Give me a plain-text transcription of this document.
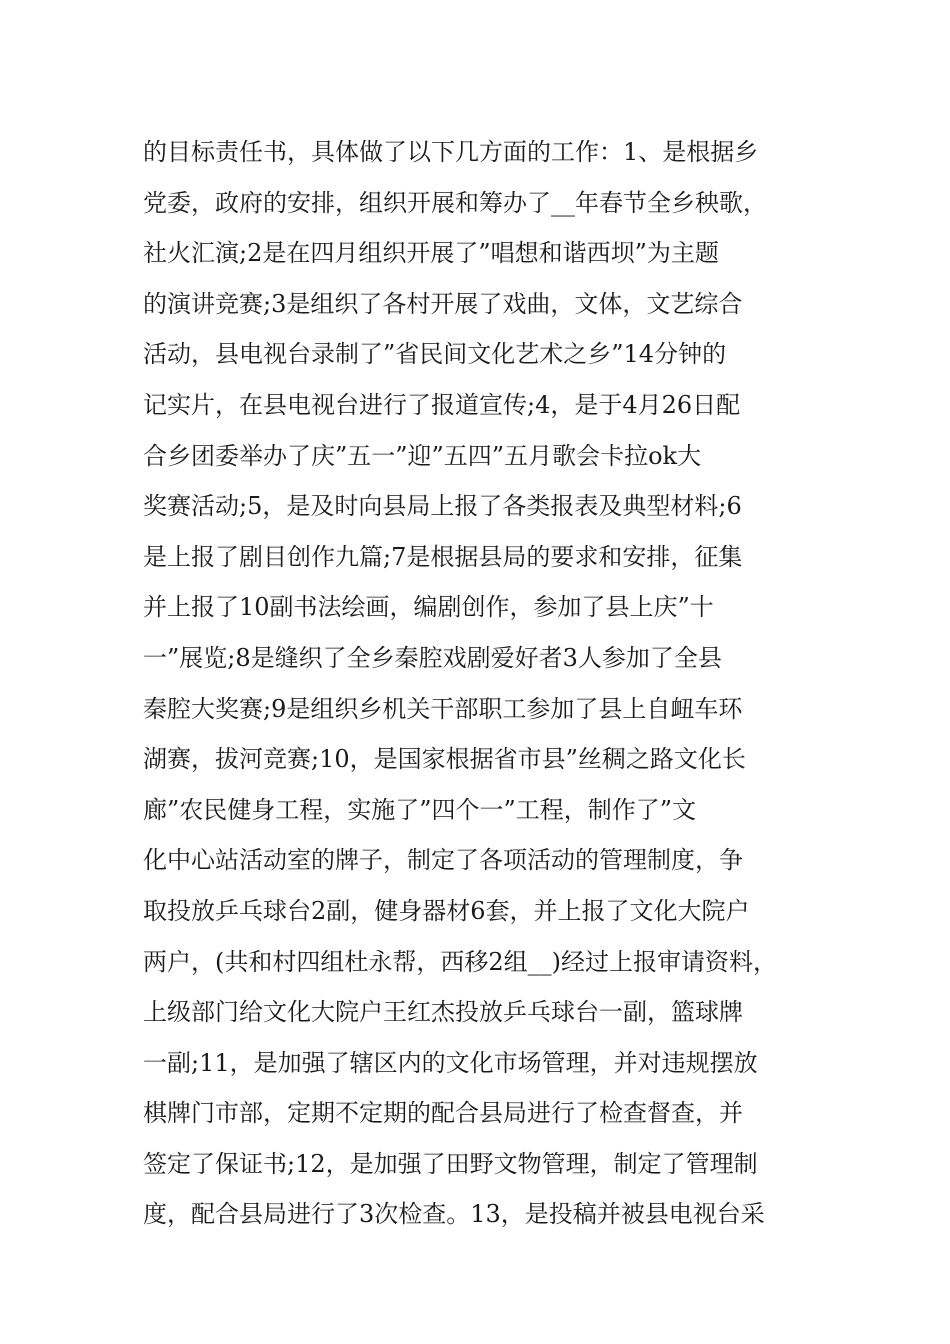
的目标责任书，具体做了以下几方面的工作：1、是根据乡
党委，政府的安排，组织开展和筹办了__年春节全乡秧歌，
社火汇演;2是在四月组织开展了”唱想和谐西坝”为主题
的演讲竞赛;3是组织了各村开展了戏曲，文体，文艺综合
活动，县电视台录制了”省民间文化艺术之乡”14分钟的
记实片，在县电视台进行了报道宣传;4，是于4月26日配
合乡团委举办了庆”五一”迎”五四”五月歌会卡拉ok大
奖赛活动;5，是及时向县局上报了各类报表及典型材料;6
是上报了剧目创作九篇;7是根据县局的要求和安排，征集
并上报了10副书法绘画，编剧创作，参加了县上庆”十
一”展览;8是缝织了全乡秦腔戏剧爱好者3人参加了全县
秦腔大奖赛;9是组织乡机关干部职工参加了县上自衄车环
湖赛，拔河竞赛;10，是国家根据省市县”丝稠之路文化长
廊”农民健身工程，实施了”四个一”工程，制作了”文
化中心站活动室的牌子，制定了各项活动的管理制度，争
取投放乒乓球台2副，健身器材6套，并上报了文化大院户
两户，(共和村四组杜永帮，西移2组__)经过上报审请资料，
上级部门给文化大院户王红杰投放乒乓球台一副，篮球牌
一副;11，是加强了辖区内的文化市场管理，并对违规摆放
棋牌门市部，定期不定期的配合县局进行了检查督查，并
签定了保证书;12，是加强了田野文物管理，制定了管理制
度，配合县局进行了3次检查。13，是投稿并被县电视台采
